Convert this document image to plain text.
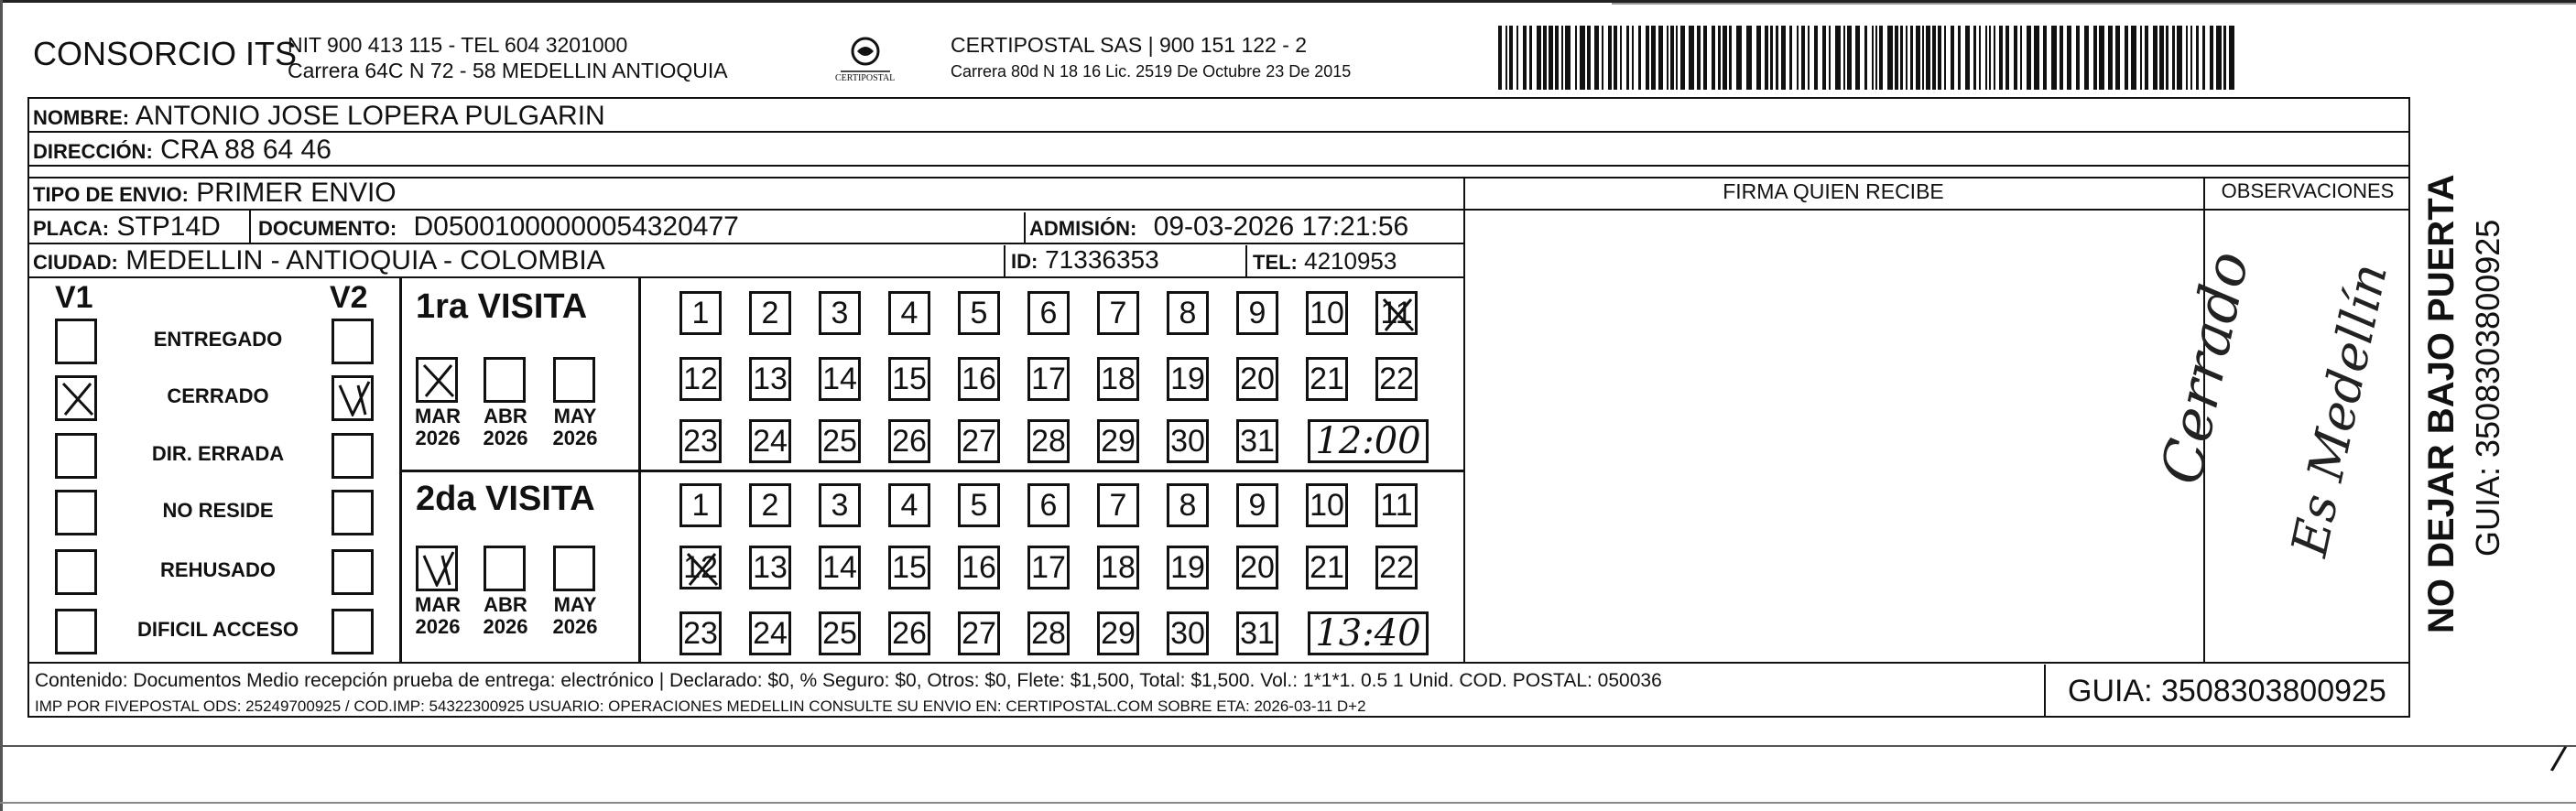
CONSORCIO ITS
NIT 900 413 115 - TEL 604 3201000
Carrera 64C N 72 - 58 MEDELLIN ANTIOQUIA	CERTIPOSTAL
CERTIPOSTAL SAS | 900 151 122 - 2
Carrera 80d N 18 16 Lic. 2519 De Octubre 23 De 2015
NOMBRE: ANTONIO JOSE LOPERA PULGARIN
DIRECCIÓN: CRA 88 64 46
TIPO DE ENVIO: PRIMER ENVIO
PLACA: STP14D DOCUMENTO: D05001000000054320477	ADMISIÓN: 09-03-2026 17:21:56
CIUDAD: MEDELLIN - ANTIOQUIA - COLOMBIA	ID: 71336353	TEL: 4210953
FIRMA QUIEN RECIBE	OBSERVACIONES
Cerrado Es Medellín
V1	V2
ENTREGADO
CERRADO
DIR. ERRADA
NO RESIDE
REHUSADO
DIFICIL ACCESO
1ra VISITA
MAR
2026
ABR
2026
MAY
2026
1	2	3	4	5	6	7	8	9	10 11
12 13 14 15 16 17 18 19 20 21 22
23 24 25 26 27 28 29 30 31 12:00
2da VISITA
MAR
2026
ABR
2026
MAY
2026
1	2	3	4	5	6	7	8	9	10 11
12 13 14 15 16 17 18 19 20 21 22
23 24 25 26 27 28 29 30 31 13:40
Contenido: Documentos Medio recepción prueba de entrega: electrónico | Declarado: $0, % Seguro: $0, Otros: $0, Flete: $1,500, Total: $1,500. Vol.: 1*1*1. 0.5 1 Unid. COD. POSTAL: 050036
IMP POR FIVEPOSTAL ODS: 25249700925 / COD.IMP: 54322300925 USUARIO: OPERACIONES MEDELLIN CONSULTE SU ENVIO EN: CERTIPOSTAL.COM SOBRE ETA: 2026-03-11 D+2	GUIA: 3508303800925
NO DEJAR BAJO PUERTA GUIA: 3508303800925
/
